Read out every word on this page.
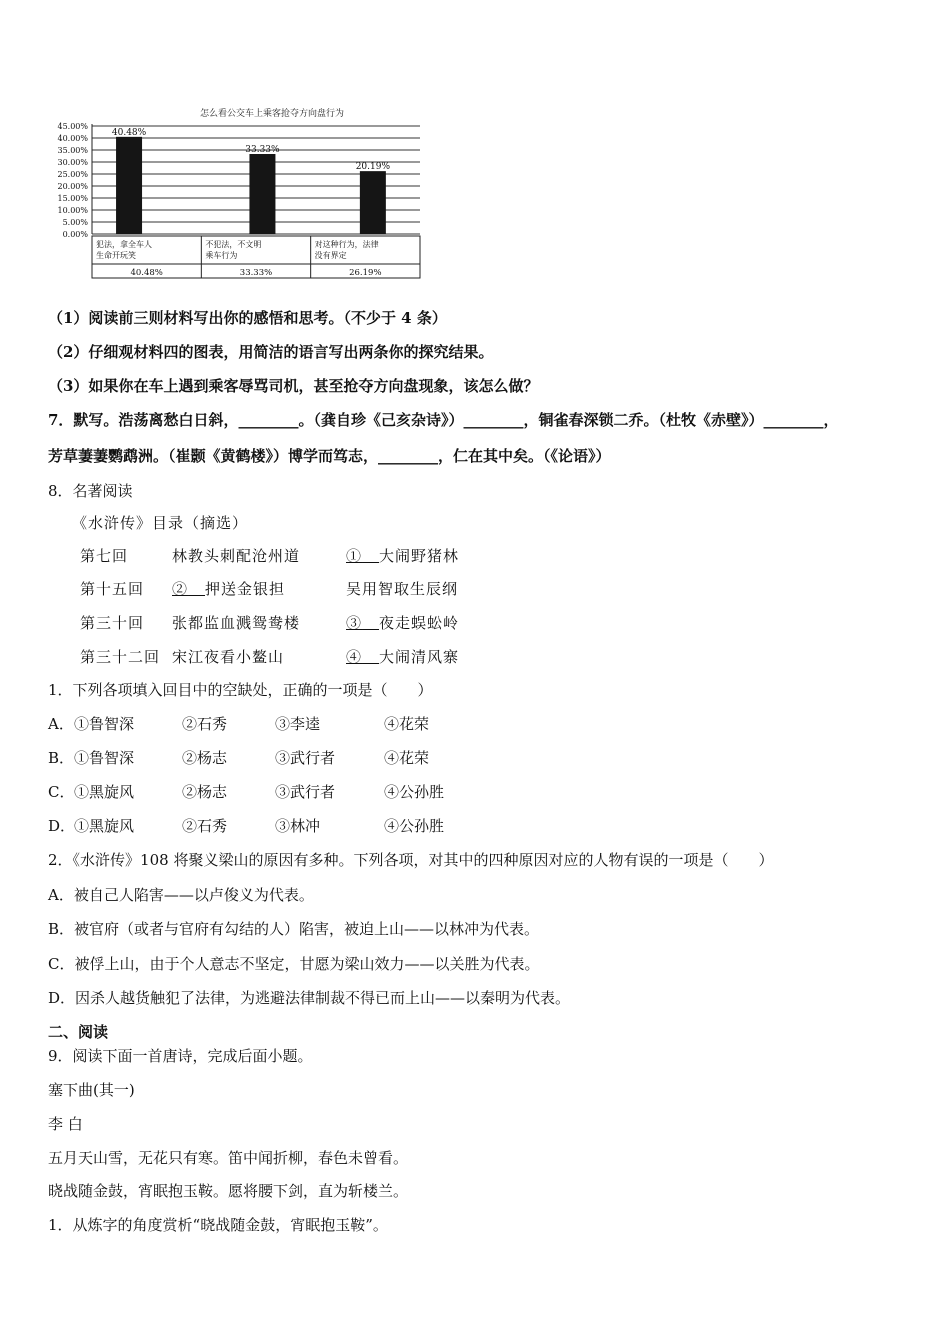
怎么看公交车上乘客抢夺方向盘行为
45.00%
40.00%
35.00%
30.00%
25.00%
20.00%
15.00%
10.00%
5.00%
0.00%
40.48%
33.33%
20.19%
犯法，拿全车人
生命开玩笑
40.48%
不犯法，不文明
乘车行为
33.33%
对这种行为，法律
没有界定
26.19%
（1）阅读前三则材料写出你的感悟和思考。（不少于 4 条）
（2）仔细观材料四的图表，用简洁的语言写出两条你的探究结果。
（3）如果你在车上遇到乘客辱骂司机，甚至抢夺方向盘现象，该怎么做？
7．默写。浩荡离愁白日斜，________。（龚自珍《己亥杂诗》）________，铜雀春深锁二乔。（杜牧《赤壁》）________，
芳草萋萋鹦鹉洲。（崔颢《黄鹤楼》）博学而笃志，________，仁在其中矣。（《论语》）
8．名著阅读
《水浒传》目录（摘选）
第七回	林教头刺配沧州道	①   大闹野猪林
第十五回 ②   押送金银担	吴用智取生辰纲
第三十回 张都监血溅鸳鸯楼	③   夜走蜈蚣岭
第三十二回 宋江夜看小鳌山	④   大闹清风寨
1．下列各项填入回目中的空缺处，正确的一项是（　　）
A． ①鲁智深	②石秀	③李逵	④花荣
B． ①鲁智深	②杨志	③武行者	④花荣
C． ①黑旋风	②杨志	③武行者	④公孙胜
D．
①黑旋风	②石秀	③林冲	④公孙胜
2．《水浒传》108 将聚义梁山的原因有多种。下列各项，对其中的四种原因对应的人物有误的一项是（　　）
A．被自己人陷害——以卢俊义为代表。
B．被官府（或者与官府有勾结的人）陷害，被迫上山——以林冲为代表。
C．被俘上山，由于个人意志不坚定，甘愿为梁山效力——以关胜为代表。
D．因杀人越货触犯了法律，为逃避法律制裁不得已而上山——以秦明为代表。
二、阅读
9．阅读下面一首唐诗，完成后面小题。
塞下曲(其一)
李 白
五月天山雪，无花只有寒。笛中闻折柳，春色未曾看。
晓战随金鼓，宵眠抱玉鞍。愿将腰下剑，直为斩楼兰。
1．从炼字的角度赏析“晓战随金鼓，宵眠抱玉鞍”。
